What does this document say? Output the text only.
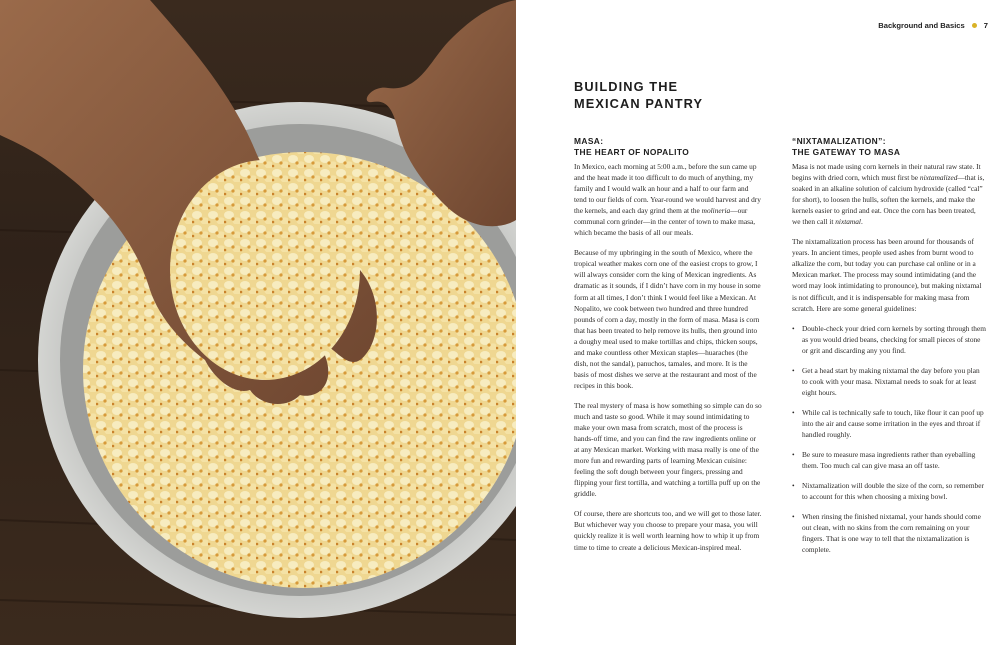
Background and Basics	7
BUILDING THE
MEXICAN PANTRY
MASA:
THE HEART OF NOPALITO

In Mexico, each morning at 5:00 a.m., before the sun came up and the heat made it too difficult to do much of anything, my family and I would walk an hour and a half to our farm and tend to our fields of corn. Year-round we would harvest and dry the kernels, and each day grind them at the molineria—our communal corn grinder—in the center of town to make masa, which became the basis of all our meals.

Because of my upbringing in the south of Mexico, where the tropical weather makes corn one of the easiest crops to grow, I will always consider corn the king of Mexican ingredients. As dramatic as it sounds, if I didn’t have corn in my house in some form at all times, I don’t think I would feel like a Mexican. At Nopalito, we cook between two hundred and three hundred pounds of corn a day, mostly in the form of masa. Masa is corn that has been treated to help remove its hulls, then ground into a doughy meal used to make tortillas and chips, thicken soups, and make countless other Mexican staples—huaraches (the dish, not the sandal), panuchos, tamales, and more. It is the basis of most dishes we serve at the restaurant and most of the recipes in this book.

The real mystery of masa is how something so simple can do so much and taste so good. While it may sound intimidating to make your own masa from scratch, most of the process is hands-off time, and you can find the raw ingredients online or at any Mexican market. Working with masa really is one of the more fun and rewarding parts of learning Mexican cuisine: feeling the soft dough between your fingers, pressing and flipping your first tortilla, and watching a tortilla puff up on the griddle.

Of course, there are shortcuts too, and we will get to those later. But whichever way you choose to prepare your masa, you will quickly realize it is well worth learning how to whip it up from time to time to create a delicious Mexican-inspired meal.

“NIXTAMALIZATION”:
THE GATEWAY TO MASA

Masa is not made using corn kernels in their natural raw state. It begins with dried corn, which must first be nixtamalized—that is, soaked in an alkaline solution of calcium hydroxide (called “cal” for short), to loosen the hulls, soften the kernels, and make the kernels easier to grind and eat. Once the corn has been treated, we then call it nixtamal.

The nixtamalization process has been around for thousands of years. In ancient times, people used ashes from burnt wood to alkalize the corn, but today you can purchase cal online or in a Mexican market. The process may sound intimidating (and the word may look intimidating to pronounce), but making nixtamal is not difficult, and it is indispensable for making masa from scratch. Here are some general guidelines:

• Double-check your dried corn kernels by sorting through them as you would dried beans, checking for small pieces of stone or grit and discarding any you find.
• Get a head start by making nixtamal the day before you plan to cook with your masa. Nixtamal needs to soak for at least eight hours.
• While cal is technically safe to touch, like flour it can poof up into the air and cause some irritation in the eyes and throat if handled roughly.
• Be sure to measure masa ingredients rather than eyeballing them. Too much cal can give masa an off taste.
• Nixtamalization will double the size of the corn, so remember to account for this when choosing a mixing bowl.
• When rinsing the finished nixtamal, your hands should come out clean, with no skins from the corn remaining on your fingers. That is one way to tell that the nixtamalization is complete.
